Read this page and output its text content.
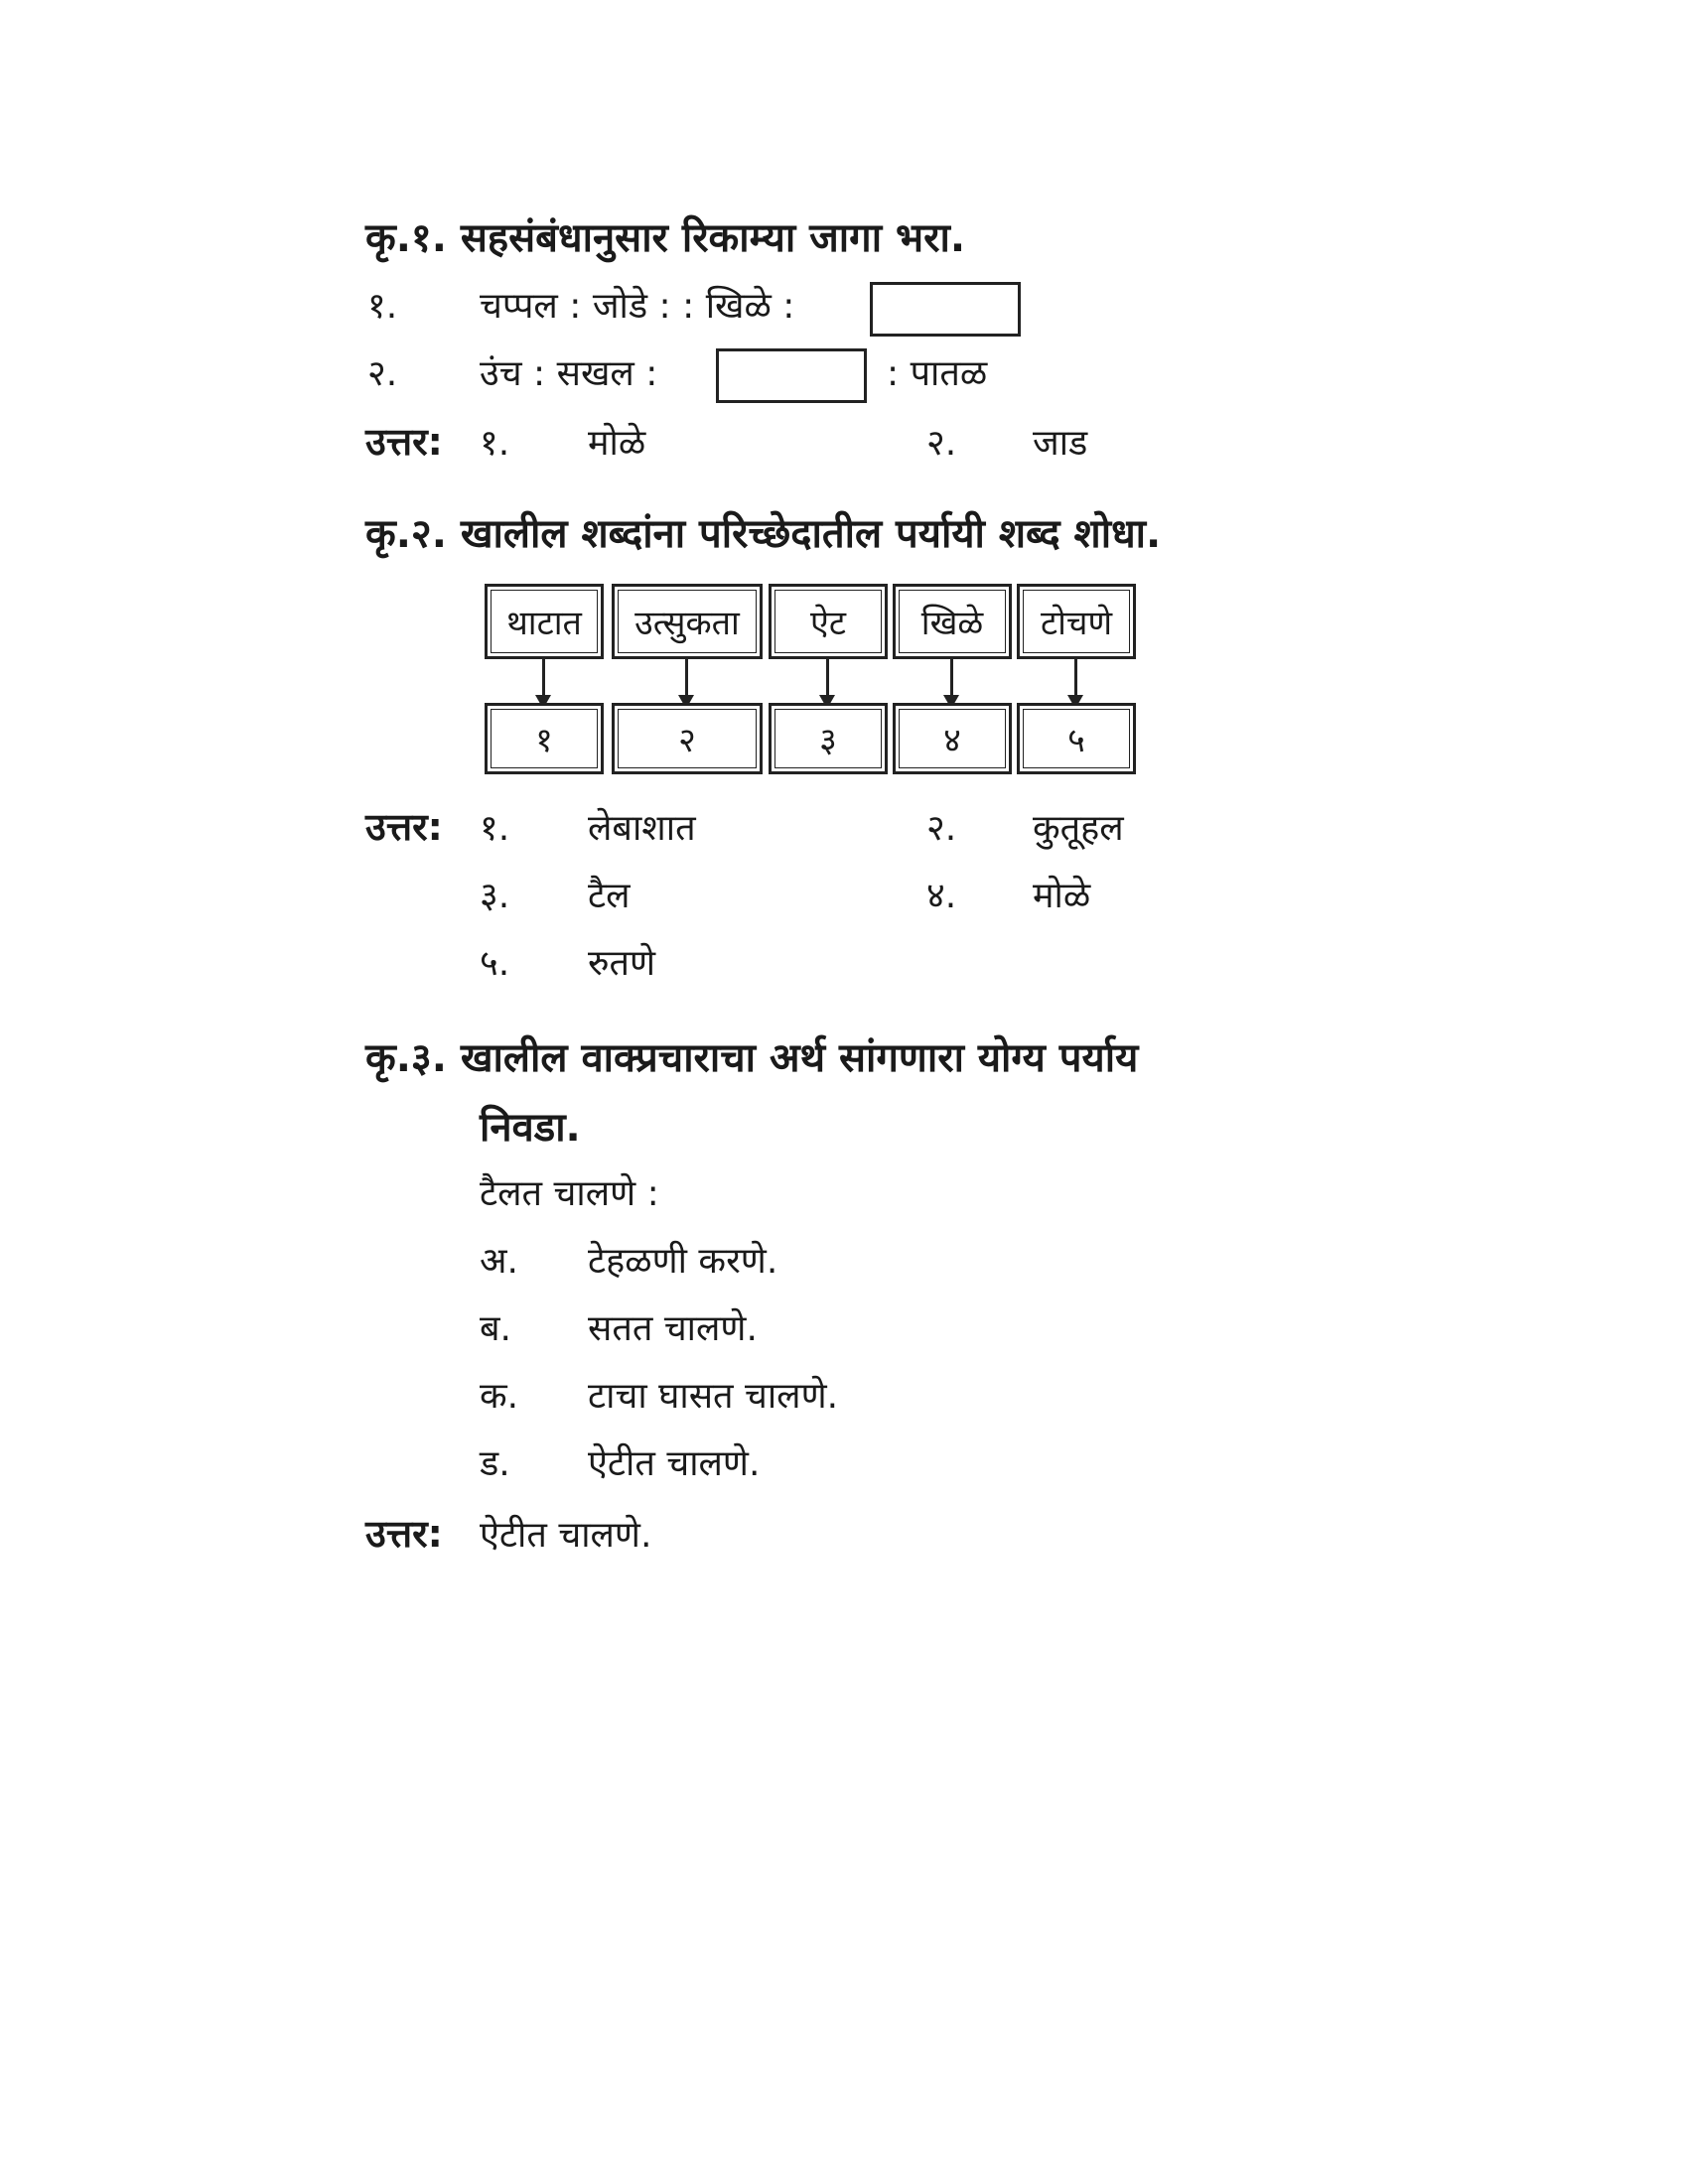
कृ.१. सहसंबंधानुसार रिकाम्या जागा भरा.
१. चप्पल : जोडे : : खिळे :
२. उंच : सखल :	: पातळ
उत्तर: १. मोळे	२. जाड
कृ.२. खालील शब्दांना परिच्छेदातील पर्यायी शब्द शोधा.
थाटात	उत्सुकता	ऐट	खिळे	टोचणे
१	२	३	४	५
उत्तर: १. लेबाशात	२. कुतूहल
३. टैल	४. मोळे
५. रुतणे
कृ.३. खालील वाक्प्रचाराचा अर्थ सांगणारा योग्य पर्याय
निवडा.
टैलत चालणे :
अ. टेहळणी करणे.
ब. सतत चालणे.
क. टाचा घासत चालणे.
ड. ऐटीत चालणे.
उत्तर: ऐटीत चालणे.
